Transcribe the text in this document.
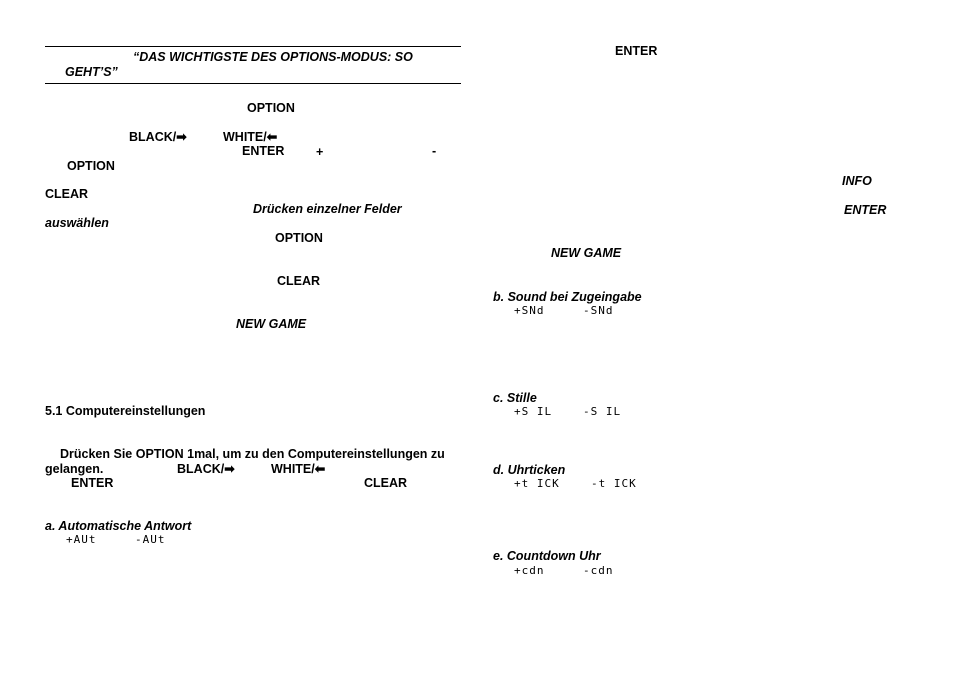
“DAS WICHTIGSTE DES OPTIONS-MODUS: SO
GEHT’S”
OPTION
BLACK/➡	WHITE/⬅
ENTER	+	-
OPTION
CLEAR
Drücken einzelner Felder
auswählen
OPTION
CLEAR
NEW GAME
5.1 Computereinstellungen
Drücken Sie OPTION 1mal, um zu den Computereinstellungen zu
gelangen.	BLACK/➡	WHITE/⬅
ENTER	CLEAR
a. Automatische Antwort
+AUt	-AUt
ENTER
INFO
ENTER
NEW GAME
b. Sound bei Zugeingabe
+SNd	-SNd
c. Stille
+S IL	-S IL
d. Uhrticken
+t ICK	-t ICK
e. Countdown Uhr
+cdn	-cdn
